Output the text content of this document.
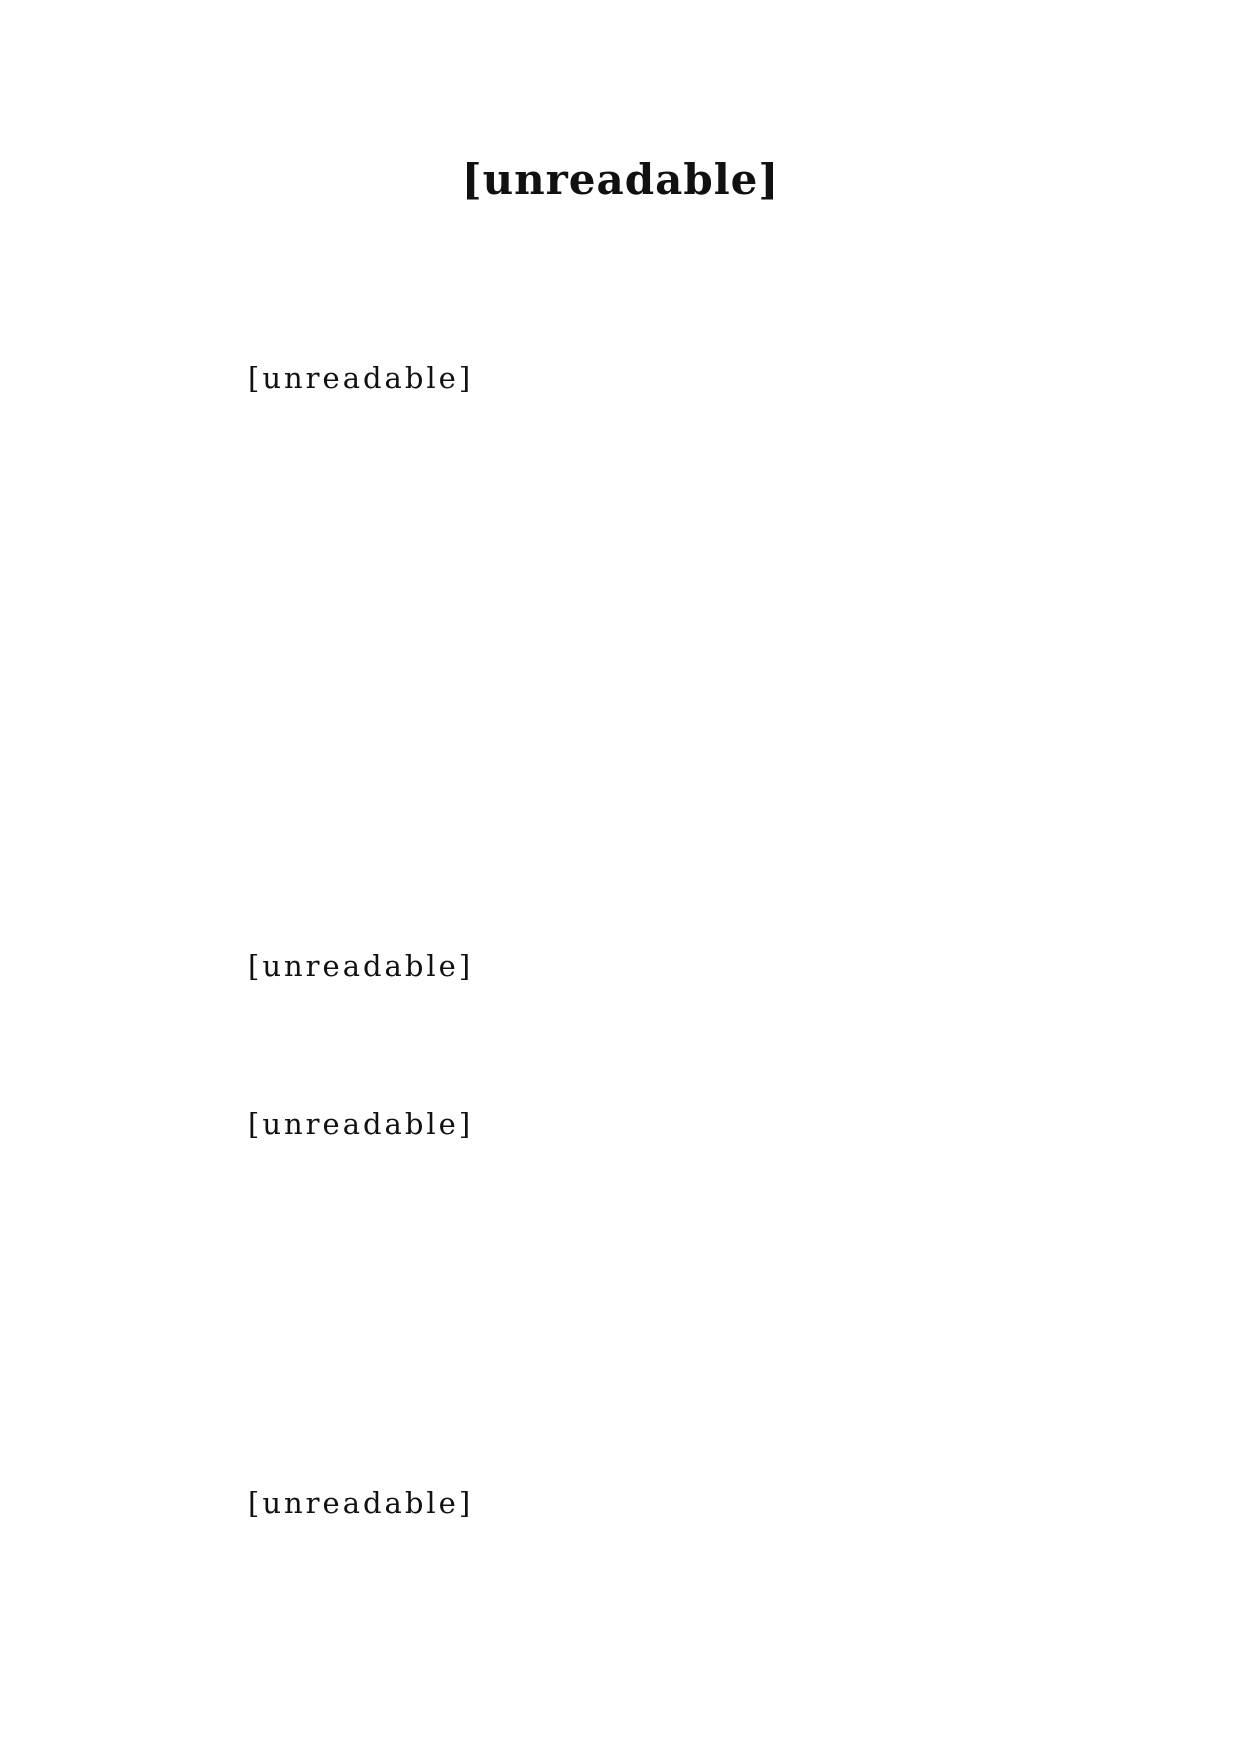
[unreadable]

[unreadable]

[unreadable]

[unreadable]

[unreadable]
